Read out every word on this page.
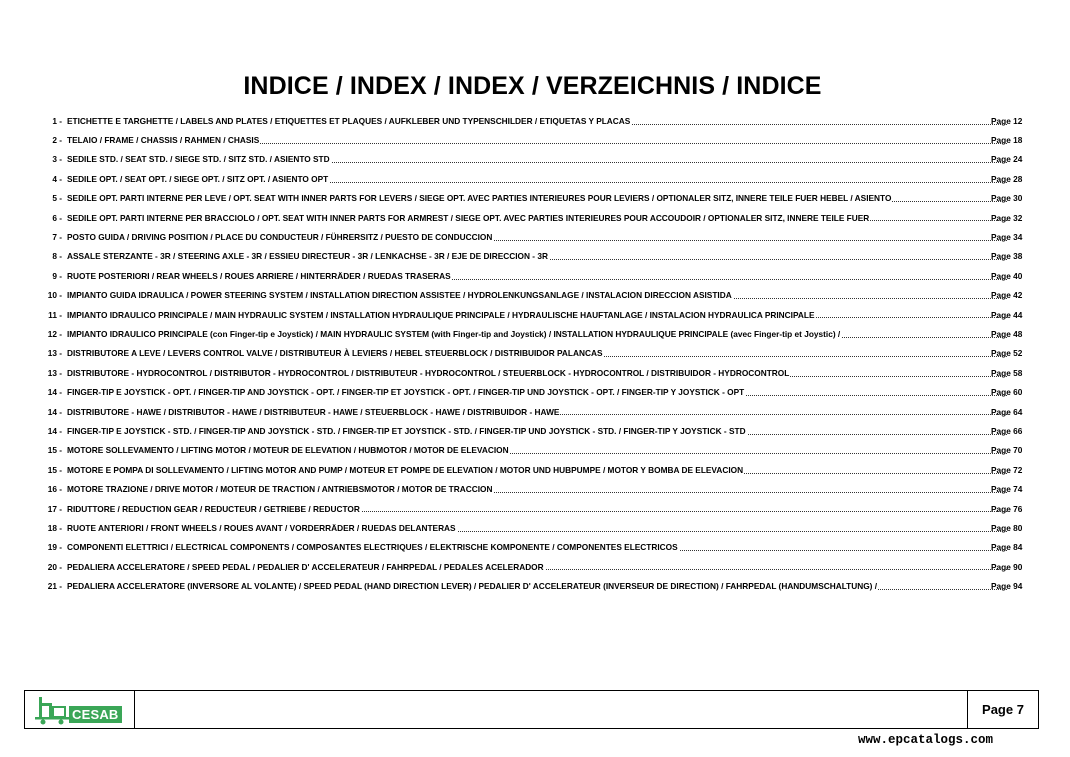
INDICE / INDEX / INDEX / VERZEICHNIS / INDICE
1 - ETICHETTE E TARGHETTE / LABELS AND PLATES / ETIQUETTES ET PLAQUES / AUFKLEBER UND TYPENSCHILDER / ETIQUETAS Y PLACAS	Page 12
2 - TELAIO / FRAME / CHASSIS / RAHMEN / CHASIS	Page 18
3 - SEDILE STD. / SEAT STD. / SIEGE STD. / SITZ STD. / ASIENTO STD	Page 24
4 - SEDILE OPT. / SEAT OPT. / SIEGE OPT. / SITZ OPT. / ASIENTO OPT	Page 28
5 - SEDILE OPT. PARTI INTERNE PER LEVE / OPT. SEAT WITH INNER PARTS FOR LEVERS / SIEGE OPT. AVEC PARTIES INTERIEURES POUR LEVIERS / OPTIONALER SITZ, INNERE TEILE FUER HEBEL / ASIENTO	Page 30
6 - SEDILE OPT. PARTI INTERNE PER BRACCIOLO / OPT. SEAT WITH INNER PARTS FOR ARMREST / SIEGE OPT. AVEC PARTIES INTERIEURES POUR ACCOUDOIR / OPTIONALER SITZ, INNERE TEILE FUER	Page 32
7 - POSTO GUIDA / DRIVING POSITION / PLACE DU CONDUCTEUR / FÜHRERSITZ / PUESTO DE CONDUCCION	Page 34
8 - ASSALE STERZANTE - 3R / STEERING AXLE - 3R / ESSIEU DIRECTEUR - 3R / LENKACHSE - 3R / EJE DE DIRECCION - 3R	Page 38
9 - RUOTE POSTERIORI / REAR WHEELS / ROUES ARRIERE / HINTERRÄDER / RUEDAS TRASERAS	Page 40
10 - IMPIANTO GUIDA IDRAULICA / POWER STEERING SYSTEM / INSTALLATION DIRECTION ASSISTEE / HYDROLENKUNGSANLAGE / INSTALACION DIRECCION ASISTIDA	Page 42
11 - IMPIANTO IDRAULICO PRINCIPALE / MAIN HYDRAULIC SYSTEM / INSTALLATION HYDRAULIQUE PRINCIPALE / HYDRAULISCHE HAUFTANLAGE / INSTALACION HYDRAULICA PRINCIPALE	Page 44
12 - IMPIANTO IDRAULICO PRINCIPALE (con Finger-tip e Joystick) / MAIN HYDRAULIC SYSTEM (with Finger-tip and Joystick) / INSTALLATION HYDRAULIQUE PRINCIPALE (avec Finger-tip et Joystic) /	Page 48
13 - DISTRIBUTORE A LEVE / LEVERS CONTROL VALVE / DISTRIBUTEUR À LEVIERS / HEBEL STEUERBLOCK / DISTRIBUIDOR PALANCAS	Page 52
13 - DISTRIBUTORE - HYDROCONTROL / DISTRIBUTOR - HYDROCONTROL / DISTRIBUTEUR - HYDROCONTROL / STEUERBLOCK - HYDROCONTROL / DISTRIBUIDOR - HYDROCONTROL	Page 58
14 - FINGER-TIP E JOYSTICK - OPT. / FINGER-TIP AND JOYSTICK - OPT. / FINGER-TIP ET JOYSTICK - OPT. / FINGER-TIP UND JOYSTICK - OPT. / FINGER-TIP Y JOYSTICK - OPT	Page 60
14 - DISTRIBUTORE - HAWE / DISTRIBUTOR - HAWE / DISTRIBUTEUR - HAWE / STEUERBLOCK - HAWE / DISTRIBUIDOR - HAWE	Page 64
14 - FINGER-TIP E JOYSTICK - STD. / FINGER-TIP AND JOYSTICK - STD. / FINGER-TIP ET JOYSTICK - STD. / FINGER-TIP UND JOYSTICK - STD. / FINGER-TIP Y JOYSTICK - STD	Page 66
15 - MOTORE SOLLEVAMENTO / LIFTING MOTOR / MOTEUR DE ELEVATION / HUBMOTOR / MOTOR DE ELEVACION	Page 70
15 - MOTORE E POMPA DI SOLLEVAMENTO / LIFTING MOTOR AND PUMP / MOTEUR ET POMPE DE ELEVATION / MOTOR UND HUBPUMPE / MOTOR Y BOMBA DE ELEVACION	Page 72
16 - MOTORE TRAZIONE / DRIVE MOTOR / MOTEUR DE TRACTION / ANTRIEBSMOTOR / MOTOR DE TRACCION	Page 74
17 - RIDUTTORE / REDUCTION GEAR / REDUCTEUR / GETRIEBE / REDUCTOR	Page 76
18 - RUOTE ANTERIORI / FRONT WHEELS / ROUES AVANT / VORDERRÄDER / RUEDAS DELANTERAS	Page 80
19 - COMPONENTI ELETTRICI / ELECTRICAL COMPONENTS / COMPOSANTES ELECTRIQUES / ELEKTRISCHE KOMPONENTE / COMPONENTES ELECTRICOS	Page 84
20 - PEDALIERA ACCELERATORE / SPEED PEDAL / PEDALIER D' ACCELERATEUR / FAHRPEDAL / PEDALES ACELERADOR	Page 90
21 - PEDALIERA ACCELERATORE (INVERSORE AL VOLANTE) / SPEED PEDAL (HAND DIRECTION LEVER) / PEDALIER D' ACCELERATEUR (INVERSEUR DE DIRECTION) / FAHRPEDAL (HANDUMSCHALTUNG) /	Page 94
CESAB	Page 7
www.epcatalogs.com
